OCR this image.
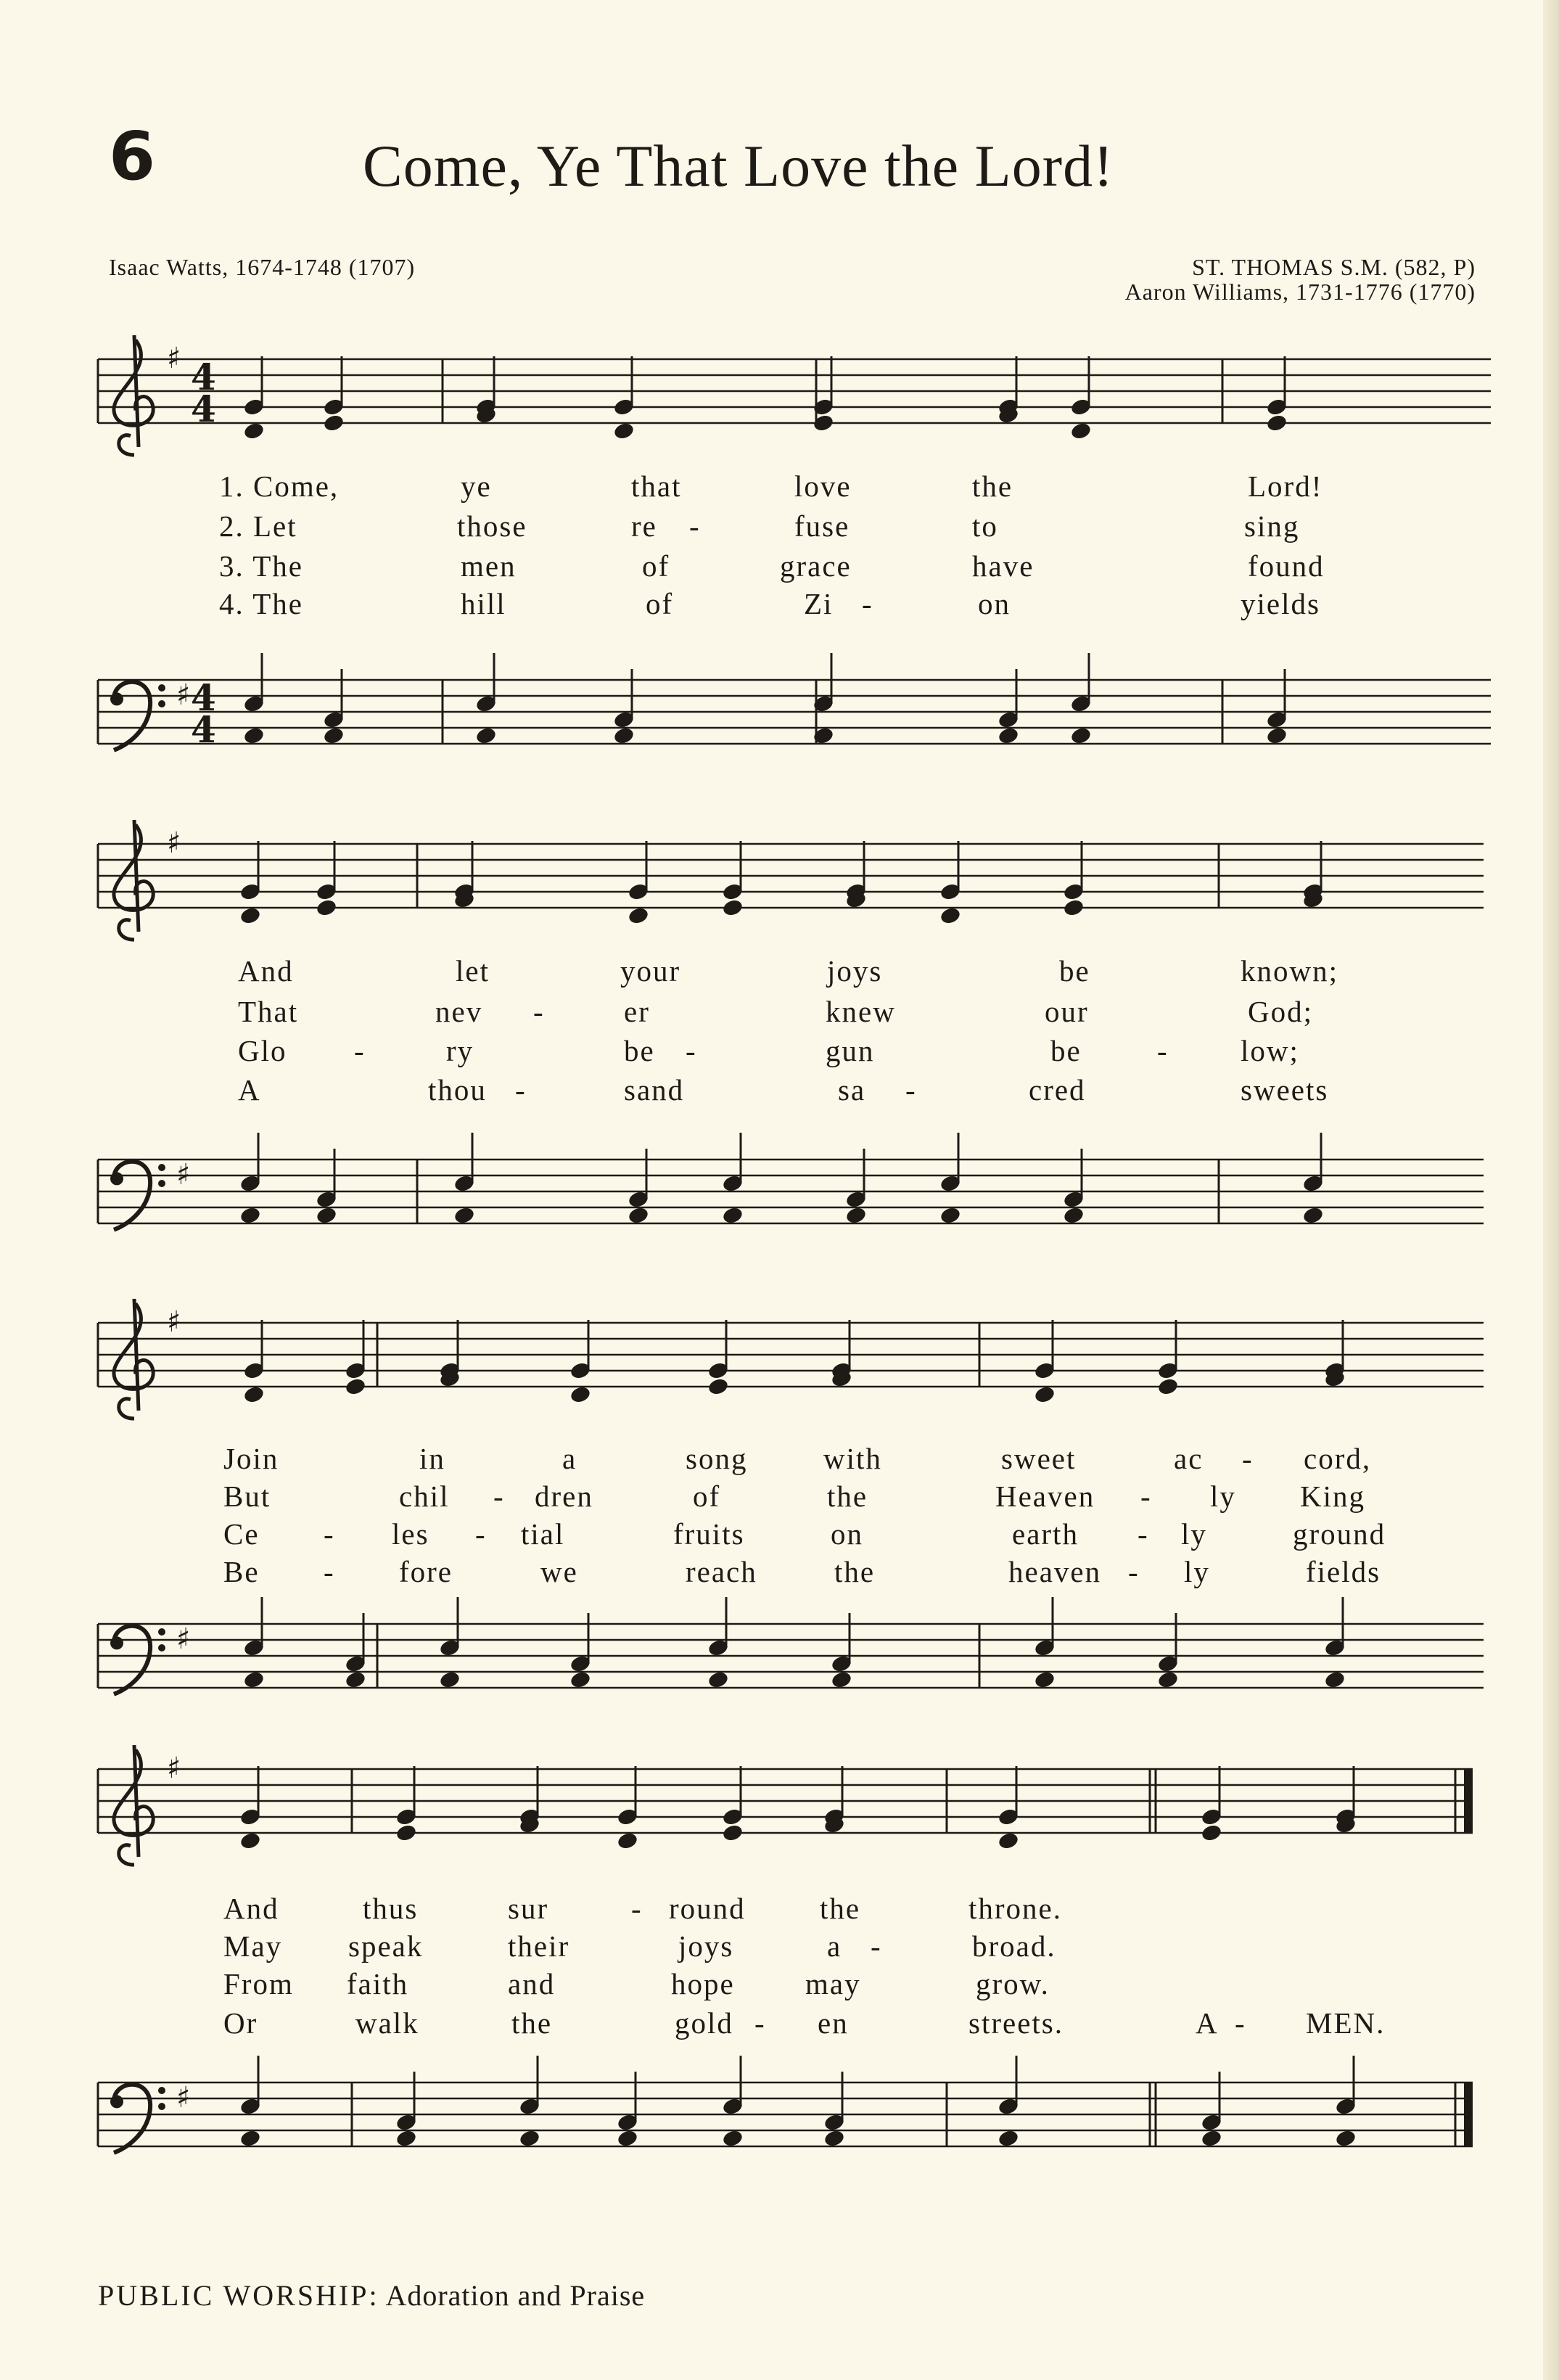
6	Come, Ye That Love the Lord!
Isaac Watts, 1674-1748 (1707)	ST. THOMAS S.M. (582, P)
Aaron Williams, 1731-1776 (1770)
♯ 4
4
♯ 4
4
♯
♯
♯
♯
♯
♯
1. Come,	ye	that	love	the	Lord!
2. Let	those	re -	fuse	to	sing
3. The	men	of	grace	have	found
4. The	hill	of	Zi -	on	yields
And	let	your	joys	be	known;
That	nev -	er	knew	our	God;
Glo -	ry	be -	gun	be	- low;
A	thou -	sand	sa -	cred	sweets
Join	in	a	song	with	sweet	ac - cord,
But	chil - dren	of	the	Heaven - ly King
Ce - les - tial	fruits	on	earth - ly	ground
Be - fore	we	reach	the	heaven - ly	fields
And	thus	sur	- round the	throne.
May speak	their	joys	a -	broad.
From faith	and	hope may	grow.
Or	walk	the	gold - en	streets.	A - MEN.
PUBLIC WORSHIP: Adoration and Praise
